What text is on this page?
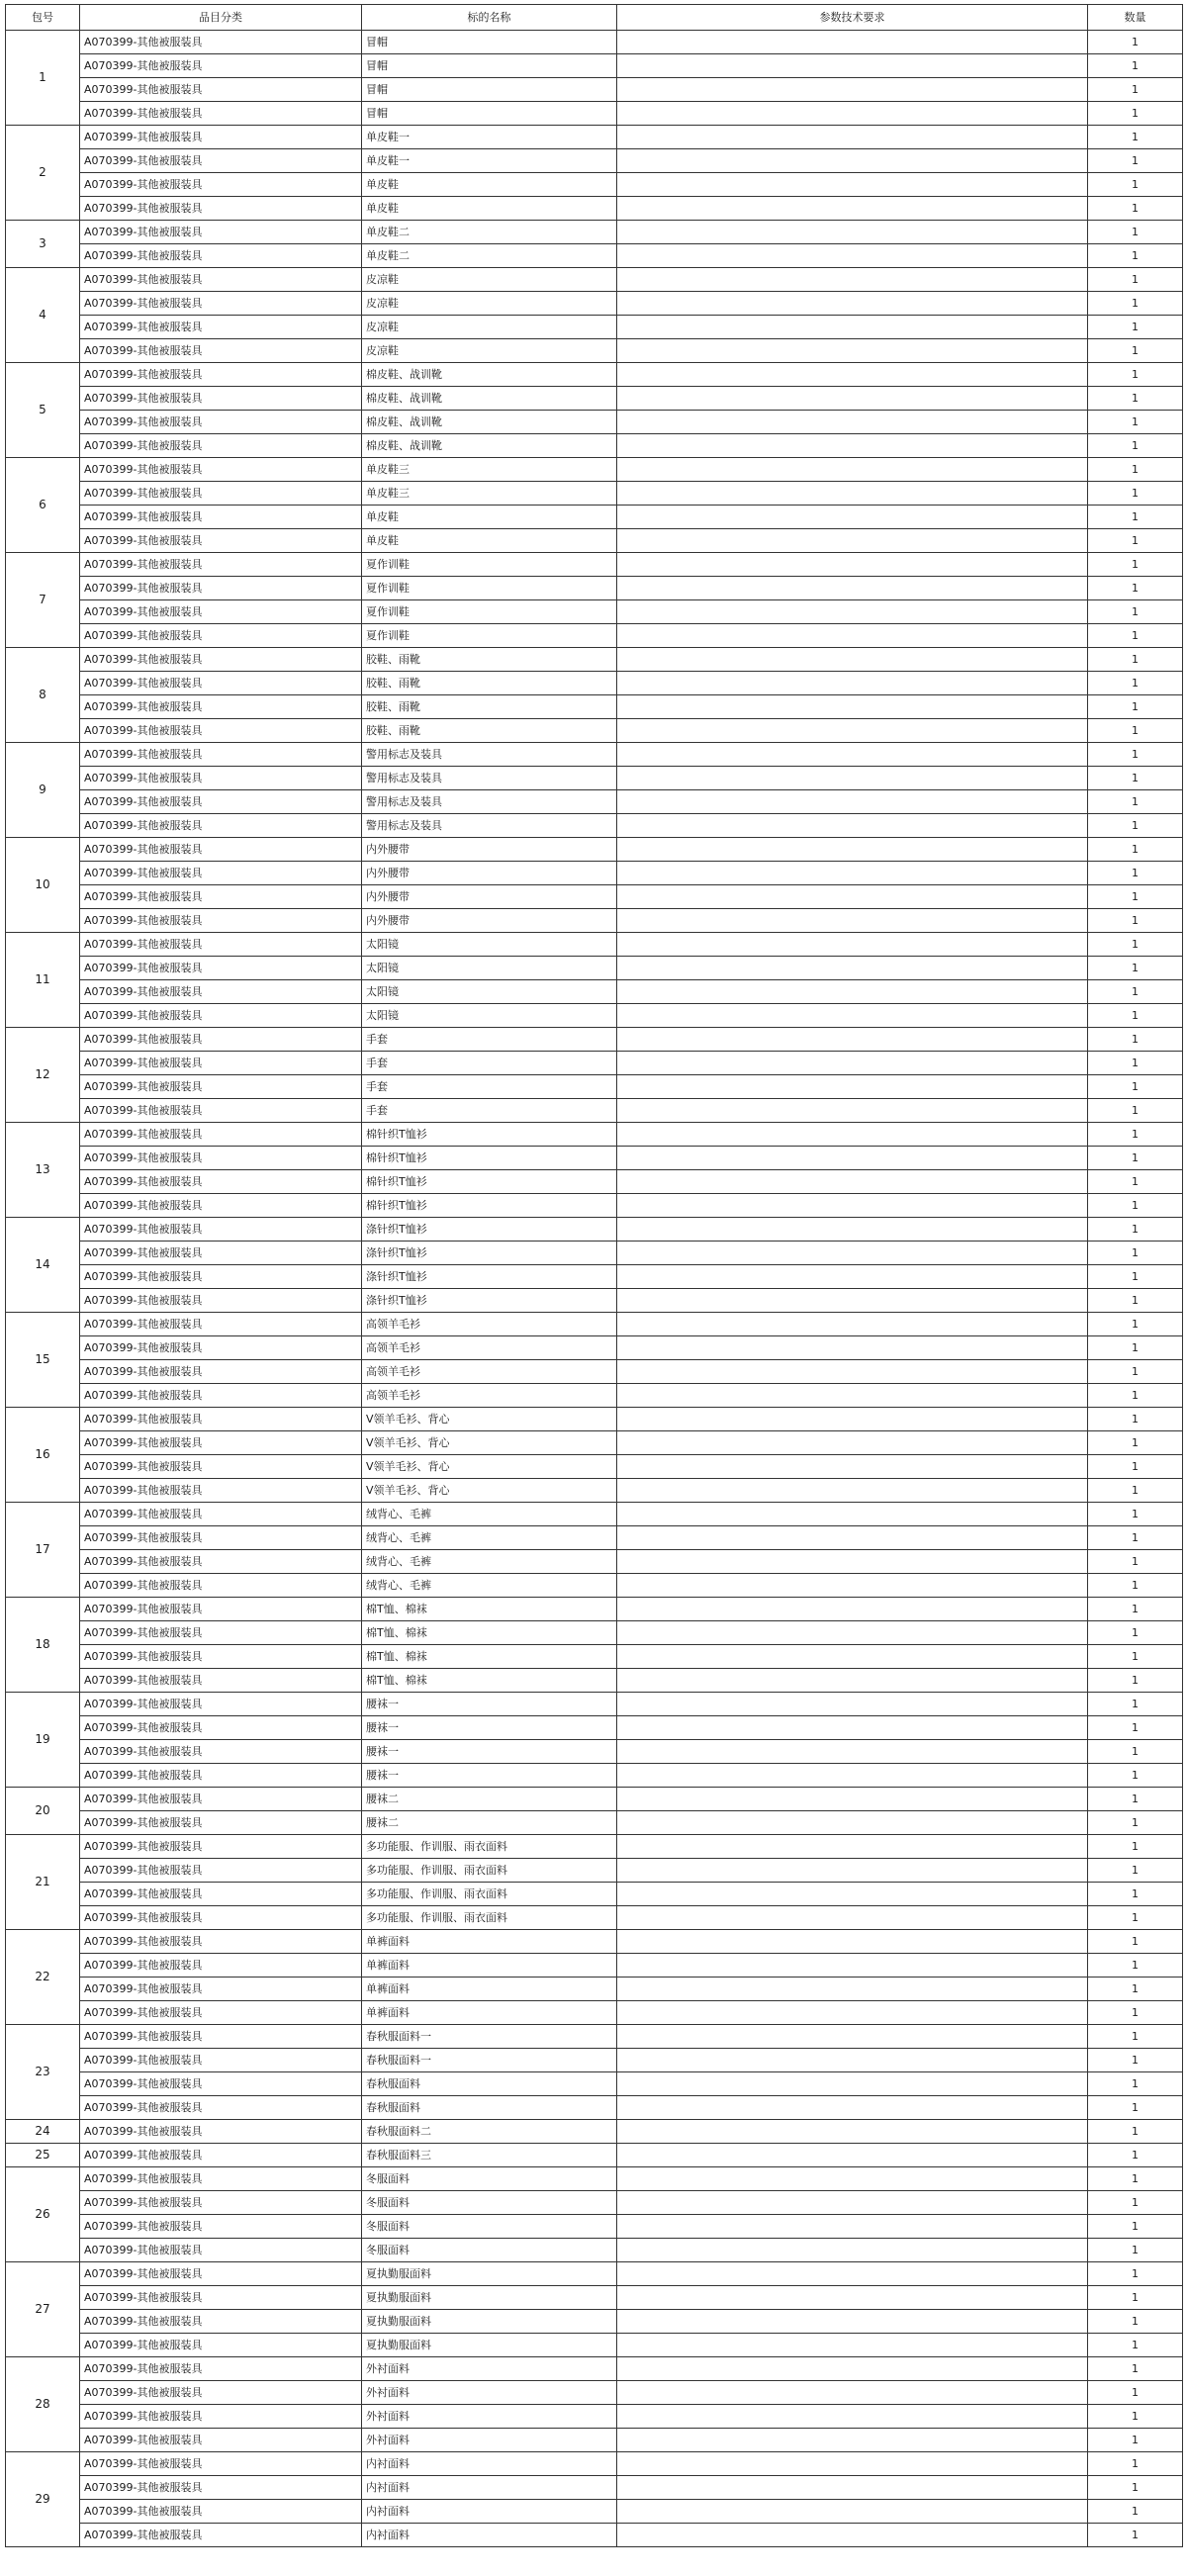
包号	品目分类	标的名称	参数技术要求	数量
1	A070399-其他被服装具	冒帽		1
	A070399-其他被服装具	冒帽		1
	A070399-其他被服装具	冒帽		1
	A070399-其他被服装具	冒帽		1
2	A070399-其他被服装具	单皮鞋一		1
	A070399-其他被服装具	单皮鞋一		1
	A070399-其他被服装具	单皮鞋		1
	A070399-其他被服装具	单皮鞋		1
3	A070399-其他被服装具	单皮鞋二		1
	A070399-其他被服装具	单皮鞋二		1
4	A070399-其他被服装具	皮凉鞋		1
	A070399-其他被服装具	皮凉鞋		1
	A070399-其他被服装具	皮凉鞋		1
	A070399-其他被服装具	皮凉鞋		1
5	A070399-其他被服装具	棉皮鞋、战训靴		1
	A070399-其他被服装具	棉皮鞋、战训靴		1
	A070399-其他被服装具	棉皮鞋、战训靴		1
	A070399-其他被服装具	棉皮鞋、战训靴		1
6	A070399-其他被服装具	单皮鞋三		1
	A070399-其他被服装具	单皮鞋三		1
	A070399-其他被服装具	单皮鞋		1
	A070399-其他被服装具	单皮鞋		1
7	A070399-其他被服装具	夏作训鞋		1
	A070399-其他被服装具	夏作训鞋		1
	A070399-其他被服装具	夏作训鞋		1
	A070399-其他被服装具	夏作训鞋		1
8	A070399-其他被服装具	胶鞋、雨靴		1
	A070399-其他被服装具	胶鞋、雨靴		1
	A070399-其他被服装具	胶鞋、雨靴		1
	A070399-其他被服装具	胶鞋、雨靴		1
9	A070399-其他被服装具	警用标志及装具		1
	A070399-其他被服装具	警用标志及装具		1
	A070399-其他被服装具	警用标志及装具		1
	A070399-其他被服装具	警用标志及装具		1
10	A070399-其他被服装具	内外腰带		1
	A070399-其他被服装具	内外腰带		1
	A070399-其他被服装具	内外腰带		1
	A070399-其他被服装具	内外腰带		1
11	A070399-其他被服装具	太阳镜		1
	A070399-其他被服装具	太阳镜		1
	A070399-其他被服装具	太阳镜		1
	A070399-其他被服装具	太阳镜		1
12	A070399-其他被服装具	手套		1
	A070399-其他被服装具	手套		1
	A070399-其他被服装具	手套		1
	A070399-其他被服装具	手套		1
13	A070399-其他被服装具	棉针织T恤衫		1
	A070399-其他被服装具	棉针织T恤衫		1
	A070399-其他被服装具	棉针织T恤衫		1
	A070399-其他被服装具	棉针织T恤衫		1
14	A070399-其他被服装具	涤针织T恤衫		1
	A070399-其他被服装具	涤针织T恤衫		1
	A070399-其他被服装具	涤针织T恤衫		1
	A070399-其他被服装具	涤针织T恤衫		1
15	A070399-其他被服装具	高领羊毛衫		1
	A070399-其他被服装具	高领羊毛衫		1
	A070399-其他被服装具	高领羊毛衫		1
	A070399-其他被服装具	高领羊毛衫		1
16	A070399-其他被服装具	V领羊毛衫、背心		1
	A070399-其他被服装具	V领羊毛衫、背心		1
	A070399-其他被服装具	V领羊毛衫、背心		1
	A070399-其他被服装具	V领羊毛衫、背心		1
17	A070399-其他被服装具	绒背心、毛裤		1
	A070399-其他被服装具	绒背心、毛裤		1
	A070399-其他被服装具	绒背心、毛裤		1
	A070399-其他被服装具	绒背心、毛裤		1
18	A070399-其他被服装具	棉T恤、棉袜		1
	A070399-其他被服装具	棉T恤、棉袜		1
	A070399-其他被服装具	棉T恤、棉袜		1
	A070399-其他被服装具	棉T恤、棉袜		1
19	A070399-其他被服装具	腰袜一		1
	A070399-其他被服装具	腰袜一		1
	A070399-其他被服装具	腰袜一		1
	A070399-其他被服装具	腰袜一		1
20	A070399-其他被服装具	腰袜二		1
	A070399-其他被服装具	腰袜二		1
21	A070399-其他被服装具	多功能服、作训服、雨衣面料		1
	A070399-其他被服装具	多功能服、作训服、雨衣面料		1
	A070399-其他被服装具	多功能服、作训服、雨衣面料		1
	A070399-其他被服装具	多功能服、作训服、雨衣面料		1
22	A070399-其他被服装具	单裤面料		1
	A070399-其他被服装具	单裤面料		1
	A070399-其他被服装具	单裤面料		1
	A070399-其他被服装具	单裤面料		1
23	A070399-其他被服装具	春秋服面料一		1
	A070399-其他被服装具	春秋服面料一		1
	A070399-其他被服装具	春秋服面料		1
	A070399-其他被服装具	春秋服面料		1
24	A070399-其他被服装具	春秋服面料二		1
25	A070399-其他被服装具	春秋服面料三		1
26	A070399-其他被服装具	冬服面料		1
	A070399-其他被服装具	冬服面料		1
	A070399-其他被服装具	冬服面料		1
	A070399-其他被服装具	冬服面料		1
27	A070399-其他被服装具	夏执勤服面料		1
	A070399-其他被服装具	夏执勤服面料		1
	A070399-其他被服装具	夏执勤服面料		1
	A070399-其他被服装具	夏执勤服面料		1
28	A070399-其他被服装具	外衬面料		1
	A070399-其他被服装具	外衬面料		1
	A070399-其他被服装具	外衬面料		1
	A070399-其他被服装具	外衬面料		1
29	A070399-其他被服装具	内衬面料		1
	A070399-其他被服装具	内衬面料		1
	A070399-其他被服装具	内衬面料		1
	A070399-其他被服装具	内衬面料		1
